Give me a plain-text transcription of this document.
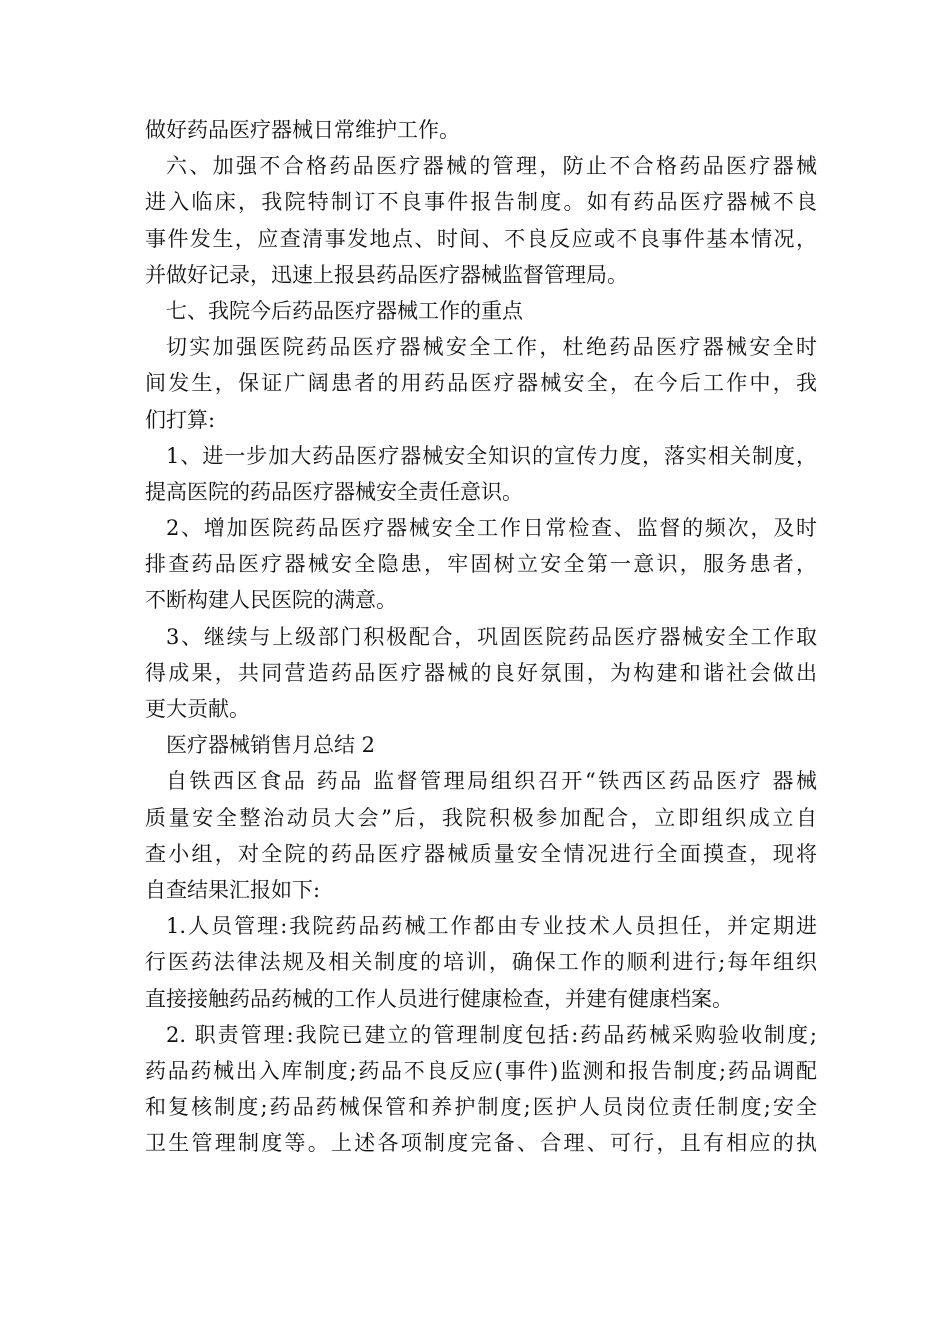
做好药品医疗器械日常维护工作。
六、加强不合格药品医疗器械的管理，防止不合格药品医疗器械
进入临床，我院特制订不良事件报告制度。如有药品医疗器械不良
事件发生，应查清事发地点、时间、不良反应或不良事件基本情况，
并做好记录，迅速上报县药品医疗器械监督管理局。
七、我院今后药品医疗器械工作的重点
切实加强医院药品医疗器械安全工作，杜绝药品医疗器械安全时
间发生，保证广阔患者的用药品医疗器械安全，在今后工作中，我
们打算:
1、进一步加大药品医疗器械安全知识的宣传力度，落实相关制度，
提高医院的药品医疗器械安全责任意识。
2、增加医院药品医疗器械安全工作日常检查、监督的频次，及时
排查药品医疗器械安全隐患，牢固树立安全第一意识，服务患者，
不断构建人民医院的满意。
3、继续与上级部门积极配合，巩固医院药品医疗器械安全工作取
得成果，共同营造药品医疗器械的良好氛围，为构建和谐社会做出
更大贡献。
医疗器械销售月总结 2
自铁西区食品 药品 监督管理局组织召开“铁西区药品医疗 器械
质量安全整治动员大会”后，我院积极参加配合，立即组织成立自
查小组，对全院的药品医疗器械质量安全情况进行全面摸查，现将
自查结果汇报如下:
1.人员管理:我院药品药械工作都由专业技术人员担任，并定期进
行医药法律法规及相关制度的培训，确保工作的顺利进行;每年组织
直接接触药品药械的工作人员进行健康检查，并建有健康档案。
2. 职责管理:我院已建立的管理制度包括:药品药械采购验收制度;
药品药械出入库制度;药品不良反应(事件)监测和报告制度;药品调配
和复核制度;药品药械保管和养护制度;医护人员岗位责任制度;安全
卫生管理制度等。上述各项制度完备、合理、可行，且有相应的执
